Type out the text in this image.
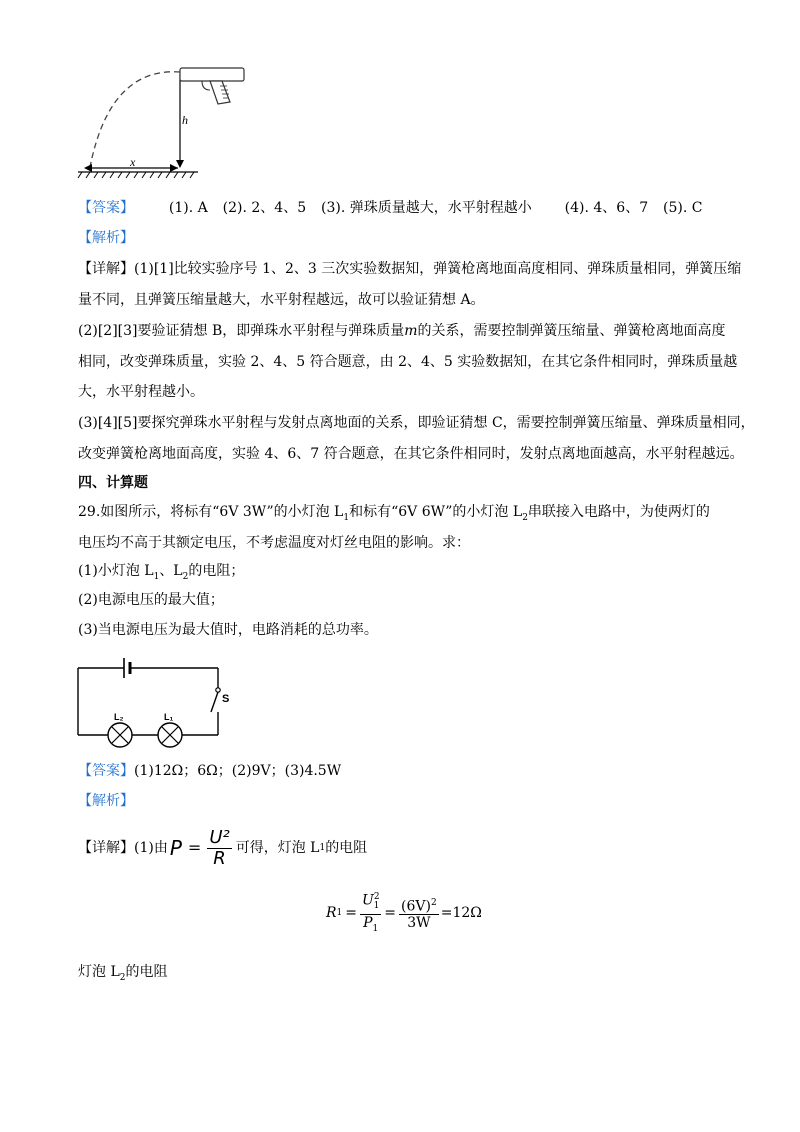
h
x
【答案】 (1). A (2). 2、4、5 (3). 弹珠质量越大，水平射程越小 (4). 4、6、7 (5). C
【解析】
【详解】(1)[1]比较实验序号 1、2、3 三次实验数据知，弹簧枪离地面高度相同、弹珠质量相同，弹簧压缩
量不同，且弹簧压缩量越大，水平射程越远，故可以验证猜想 A。
(2)[2][3]要验证猜想 B，即弹珠水平射程与弹珠质量m的关系，需要控制弹簧压缩量、弹簧枪离地面高度
相同，改变弹珠质量，实验 2、4、5 符合题意，由 2、4、5 实验数据知，在其它条件相同时，弹珠质量越
大，水平射程越小。
(3)[4][5]要探究弹珠水平射程与发射点离地面的关系，即验证猜想 C，需要控制弹簧压缩量、弹珠质量相同，
改变弹簧枪离地面高度，实验 4、6、7 符合题意，在其它条件相同时，发射点离地面越高，水平射程越远。
四、计算题
29.如图所示，将标有“6V 3W”的小灯泡 $L_1$和标有“6V 6W”的小灯泡 $L_2$串联接入电路中，为使两灯的
电压均不高于其额定电压，不考虑温度对灯丝电阻的影响。求：
(1)小灯泡 $L_1$、$L_2$的电阻；
(2)电源电压的最大值；
(3)当电源电压为最大值时，电路消耗的总功率。
S
L₂	L₁
【答案】(1)12Ω；6Ω；(2)9V；(3)4.5W
【解析】
【详解】(1)由 $P = \frac{\text{U²}}{R}$ 可得，灯泡 L 1 的电阻
R $1 = \frac{U^2_1}{P_1} = \frac{(6V)^2}{3W} =12\Omega$
灯泡 $L_2$的电阻
